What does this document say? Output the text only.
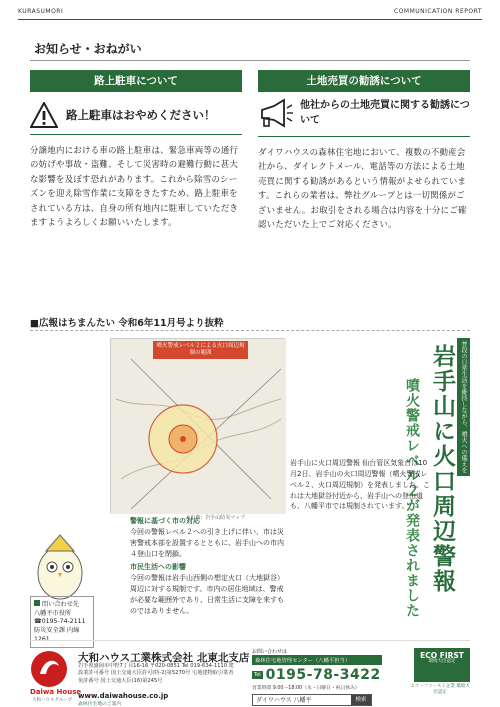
KURASUMORI	COMMUNICATION REPORT
お知らせ・おねがい
路上駐車について
路上駐車はおやめください！
分譲地内における車の路上駐車は、緊急車両等の通行の妨げや事故・盗難、そして災害時の避難行動に甚大な影響を及ぼす恐れがあります。これから除雪のシーズンを迎え除雪作業に支障をきたすため、路上駐車をされている方は、自身の所有地内に駐車していただきますようよろしくお願いいたします。
土地売買の勧誘について
他社からの土地売買に関する勧誘について
ダイワハウスの森林住宅地において、複数の不動産会社から、ダイレクトメール、電話等の方法による土地売買に関する勧誘があるという情報がよせられています。これらの業者は、弊社グループとは一切関係がございません。お取引をされる場合は内容を十分にご確認いただいた上でご対応ください。
■広報はちまんたい 令和6年11月号より抜粋
噴火警戒レベル２による火口周辺規制の範囲
※出典：岩手山防災マップ
普段の日常生活を維持しながら、噴火への備えを
岩手山に火口周辺警報
噴火警戒レベル２が発表されました
岩手山に火口周辺警報 仙台管区気象台は10月2日、岩手山の火口周辺警報（噴火警戒レベル２、火口周辺規制）を発表しました。これは大地獄谷付近から、岩手山への登山道も、八幡平市では規制されています。
警報に基づく市の対応
今回の警報レベル２への引き上げに伴い、市は災害警戒本部を設置するとともに、岩手山への市内４登山口を閉鎖。
市民生活への影響
今回の警報は岩手山西側の想定火口（大地獄谷）周辺に対する規制です。市内の居住地域は、警戒が必要な範囲外であり、日常生活に支障を来すものではありません。
問い合わせ先
八幡平市役所 ☎0195-74-2111 防災安全課 内線1261
Daiwa House
大和ハウスグループ
大和ハウス工業株式会社 北東北支店
岩手県盛岡市中野7丁目16-16 〒020-0851 Tel 019-634-1110 建設業許可番号 国土交通大臣許可(特-2)第5270号 宅地建物取引業者免許番号 国土交通大臣(16)第245号
www.daiwahouse.co.jp
森林住宅地のご案内
お問い合わせは
森林住宅地管理センター（八幡平担当）
Tel 0195-78-3422
営業時間 9:00～18:00（水・日曜日・祝日休み）
ダイワハウス 八幡平	検索
ECO FIRST
環境大臣認定
エコ・ファースト企業 環境大臣認定
